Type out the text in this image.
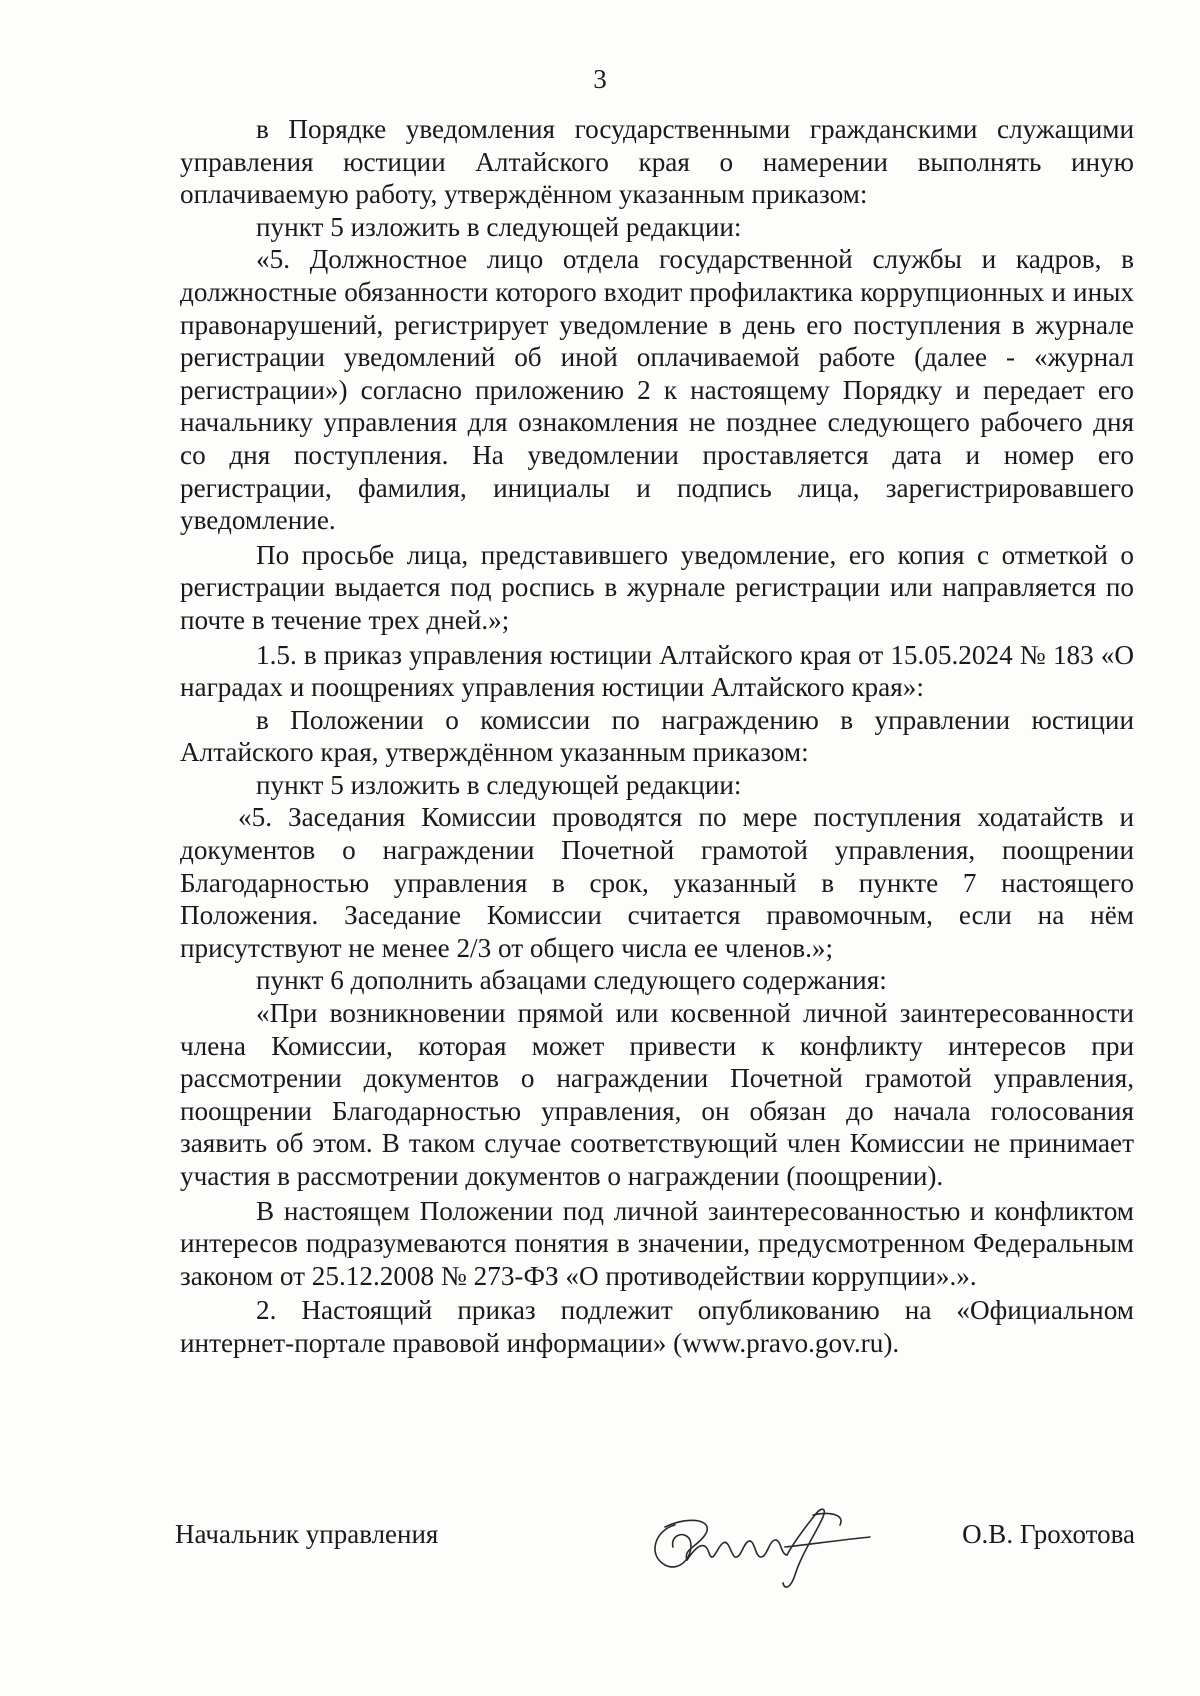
3

в Порядке уведомления государственными гражданскими служащими управления юстиции Алтайского края о намерении выполнять иную оплачиваемую работу, утверждённом указанным приказом:

пункт 5 изложить в следующей редакции:

«5. Должностное лицо отдела государственной службы и кадров, в должностные обязанности которого входит профилактика коррупционных и иных правонарушений, регистрирует уведомление в день его поступления в журнале регистрации уведомлений об иной оплачиваемой работе (далее - «журнал регистрации») согласно приложению 2 к настоящему Порядку и передает его начальнику управления для ознакомления не позднее следующего рабочего дня со дня поступления. На уведомлении проставляется дата и номер его регистрации, фамилия, инициалы и подпись лица, зарегистрировавшего уведомление.

По просьбе лица, представившего уведомление, его копия с отметкой о регистрации выдается под роспись в журнале регистрации или направляется по почте в течение трех дней.»;

1.5. в приказ управления юстиции Алтайского края от 15.05.2024 № 183 «О наградах и поощрениях управления юстиции Алтайского края»:

в Положении о комиссии по награждению в управлении юстиции Алтайского края, утверждённом указанным приказом:

пункт 5 изложить в следующей редакции:

«5. Заседания Комиссии проводятся по мере поступления ходатайств и документов о награждении Почетной грамотой управления, поощрении Благодарностью управления в срок, указанный в пункте 7 настоящего Положения. Заседание Комиссии считается правомочным, если на нём присутствуют не менее 2/3 от общего числа ее членов.»;

пункт 6 дополнить абзацами следующего содержания:

«При возникновении прямой или косвенной личной заинтересованности члена Комиссии, которая может привести к конфликту интересов при рассмотрении документов о награждении Почетной грамотой управления, поощрении Благодарностью управления, он обязан до начала голосования заявить об этом. В таком случае соответствующий член Комиссии не принимает участия в рассмотрении документов о награждении (поощрении).

В настоящем Положении под личной заинтересованностью и конфликтом интересов подразумеваются понятия в значении, предусмотренном Федеральным законом от 25.12.2008 № 273-ФЗ «О противодействии коррупции».».

2. Настоящий приказ подлежит опубликованию на «Официальном интернет-портале правовой информации» (www.pravo.gov.ru).

Начальник управления	О.В. Грохотова
